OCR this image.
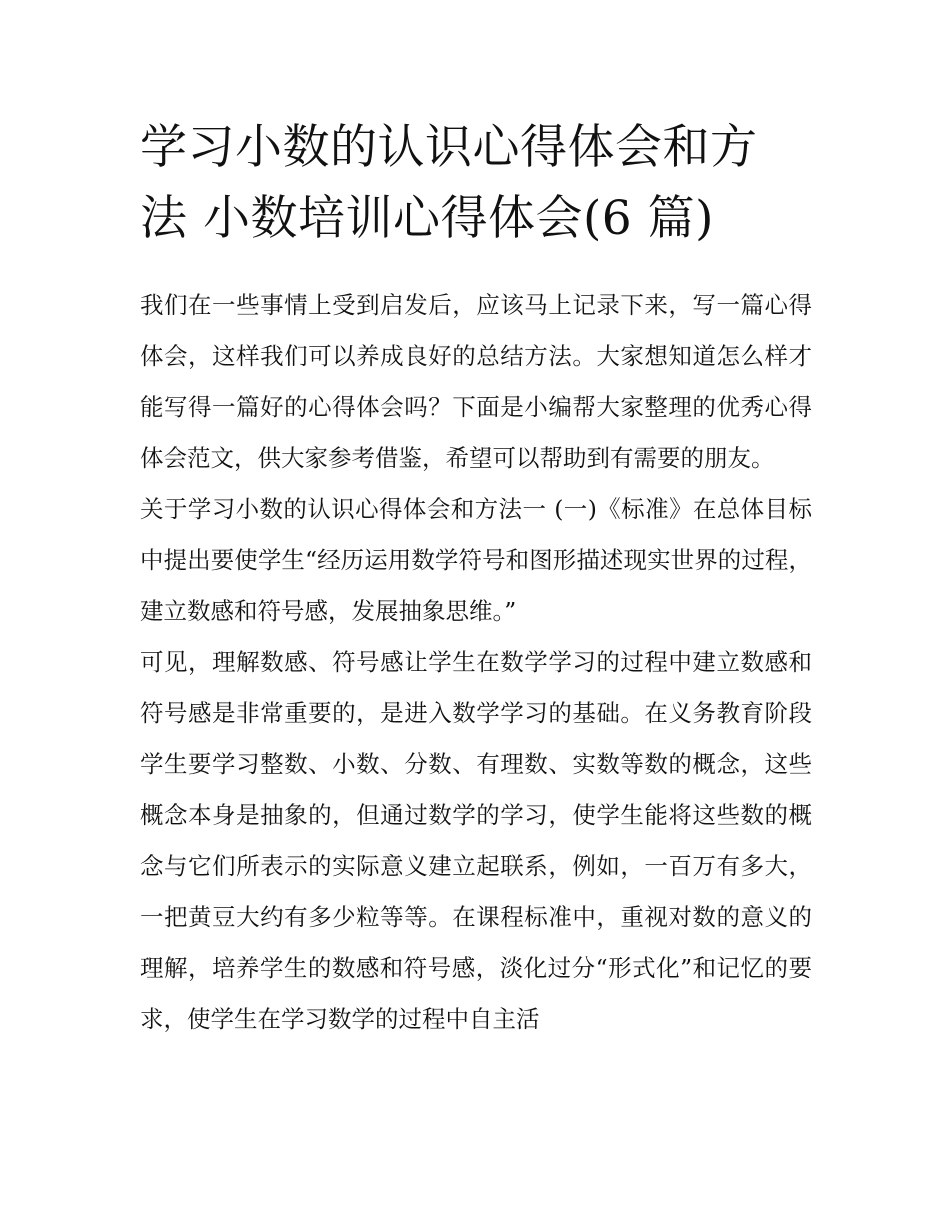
学习小数的认识心得体会和方
法 小数培训心得体会(6 篇)

我们在一些事情上受到启发后，应该马上记录下来，写一篇心得体会，这样我们可以养成良好的总结方法。大家想知道怎么样才能写得一篇好的心得体会吗？下面是小编帮大家整理的优秀心得体会范文，供大家参考借鉴，希望可以帮助到有需要的朋友。

关于学习小数的认识心得体会和方法一 (一)《标准》在总体目标中提出要使学生“经历运用数学符号和图形描述现实世界的过程，建立数感和符号感，发展抽象思维。”

可见，理解数感、符号感让学生在数学学习的过程中建立数感和符号感是非常重要的，是进入数学学习的基础。在义务教育阶段学生要学习整数、小数、分数、有理数、实数等数的概念，这些概念本身是抽象的，但通过数学的学习，使学生能将这些数的概念与它们所表示的实际意义建立起联系，例如，一百万有多大，一把黄豆大约有多少粒等等。在课程标准中，重视对数的意义的理解，培养学生的数感和符号感，淡化过分“形式化”和记忆的要求，使学生在学习数学的过程中自主活
